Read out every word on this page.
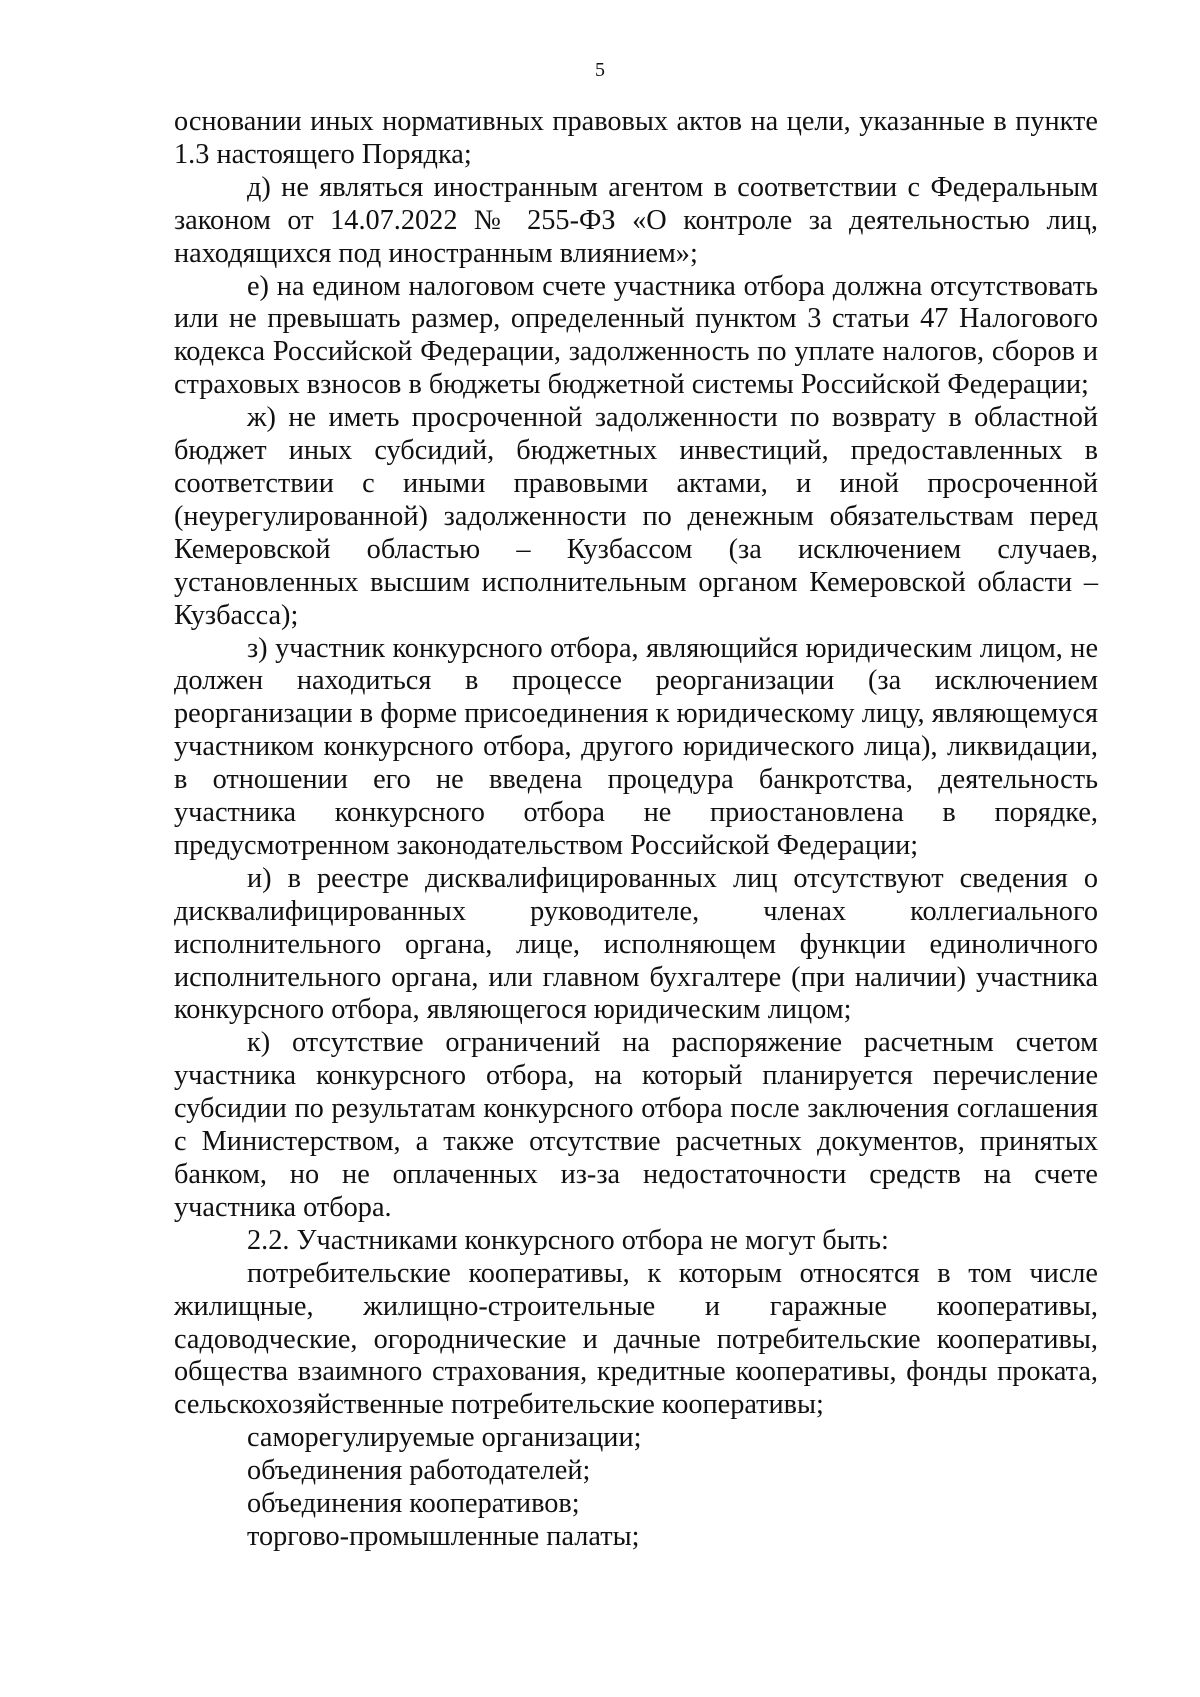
5

основании иных нормативных правовых актов на цели, указанные в пункте 1.3 настоящего Порядка;

д) не являться иностранным агентом в соответствии с Федеральным законом от 14.07.2022 № 255-ФЗ «О контроле за деятельностью лиц, находящихся под иностранным влиянием»;

е) на едином налоговом счете участника отбора должна отсутствовать или не превышать размер, определенный пунктом 3 статьи 47 Налогового кодекса Российской Федерации, задолженность по уплате налогов, сборов и страховых взносов в бюджеты бюджетной системы Российской Федерации;

ж) не иметь просроченной задолженности по возврату в областной бюджет иных субсидий, бюджетных инвестиций, предоставленных в соответствии с иными правовыми актами, и иной просроченной (неурегулированной) задолженности по денежным обязательствам перед Кемеровской областью – Кузбассом (за исключением случаев, установленных высшим исполнительным органом Кемеровской области – Кузбасса);

з) участник конкурсного отбора, являющийся юридическим лицом, не должен находиться в процессе реорганизации (за исключением реорганизации в форме присоединения к юридическому лицу, являющемуся участником конкурсного отбора, другого юридического лица), ликвидации, в отношении его не введена процедура банкротства, деятельность участника конкурсного отбора не приостановлена в порядке, предусмотренном законодательством Российской Федерации;

и) в реестре дисквалифицированных лиц отсутствуют сведения о дисквалифицированных руководителе, членах коллегиального исполнительного органа, лице, исполняющем функции единоличного исполнительного органа, или главном бухгалтере (при наличии) участника конкурсного отбора, являющегося юридическим лицом;

к) отсутствие ограничений на распоряжение расчетным счетом участника конкурсного отбора, на который планируется перечисление субсидии по результатам конкурсного отбора после заключения соглашения с Министерством, а также отсутствие расчетных документов, принятых банком, но не оплаченных из-за недостаточности средств на счете участника отбора.

2.2. Участниками конкурсного отбора не могут быть:

потребительские кооперативы, к которым относятся в том числе жилищные, жилищно-строительные и гаражные кооперативы, садоводческие, огороднические и дачные потребительские кооперативы, общества взаимного страхования, кредитные кооперативы, фонды проката, сельскохозяйственные потребительские кооперативы;

саморегулируемые организации;

объединения работодателей;

объединения кооперативов;

торгово-промышленные палаты;
